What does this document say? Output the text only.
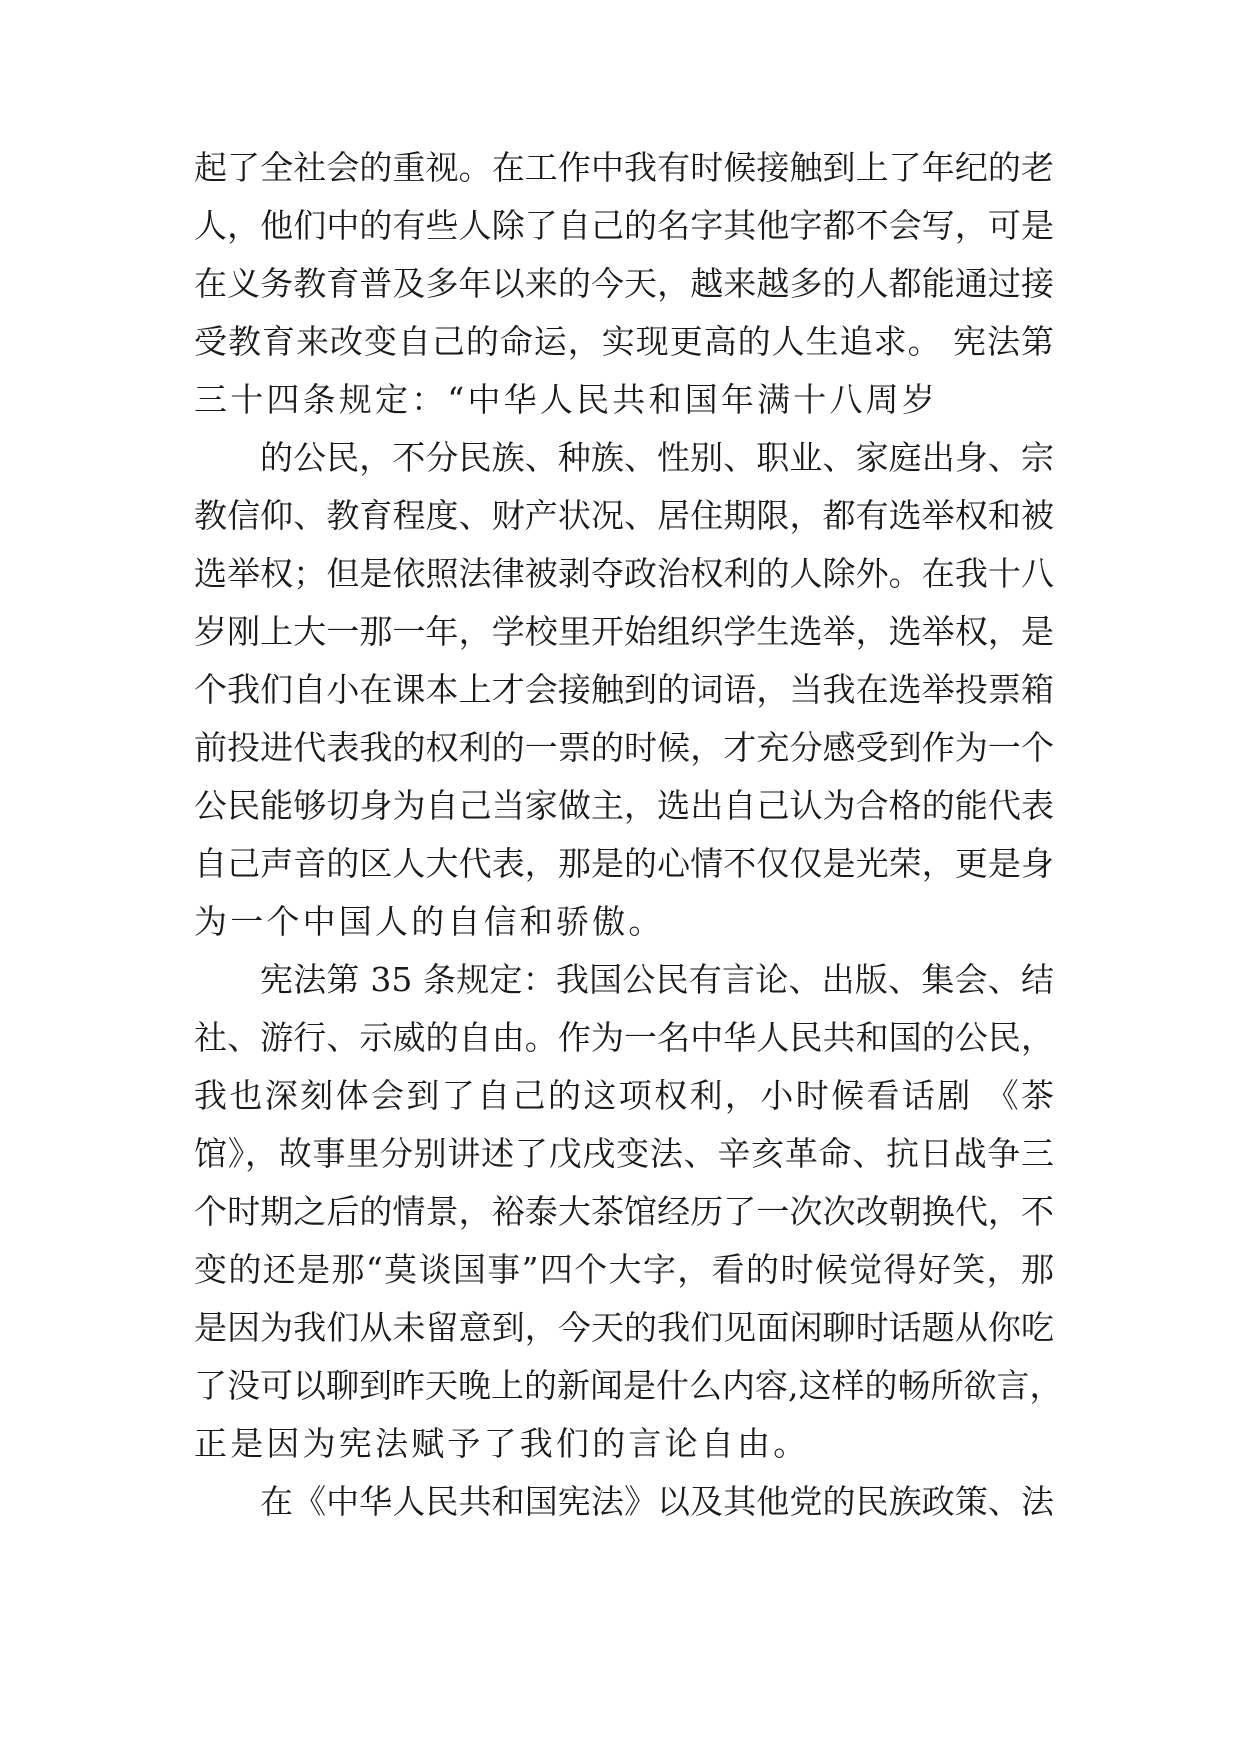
起了全社会的重视。在工作中我有时候接触到上了年纪的老
人，他们中的有些人除了自己的名字其他字都不会写，可是
在义务教育普及多年以来的今天，越来越多的人都能通过接
受教育来改变自己的命运，实现更高的人生追求。 宪法第
三十四条规定：“中华人民共和国年满十八周岁
的公民，不分民族、种族、性别、职业、家庭出身、宗
教信仰、教育程度、财产状况、居住期限，都有选举权和被
选举权；但是依照法律被剥夺政治权利的人除外。在我十八
岁刚上大一那一年，学校里开始组织学生选举，选举权，是
个我们自小在课本上才会接触到的词语，当我在选举投票箱
前投进代表我的权利的一票的时候，才充分感受到作为一个
公民能够切身为自己当家做主，选出自己认为合格的能代表
自己声音的区人大代表，那是的心情不仅仅是光荣，更是身
为一个中国人的自信和骄傲。
宪法第 35 条规定：我国公民有言论、出版、集会、结
社、游行、示威的自由。作为一名中华人民共和国的公民，
我也深刻体会到了自己的这项权利，小时候看话剧 《茶
馆》，故事里分别讲述了戊戌变法、辛亥革命、抗日战争三
个时期之后的情景，裕泰大茶馆经历了一次次改朝换代，不
变的还是那“莫谈国事”四个大字，看的时候觉得好笑，那
是因为我们从未留意到，今天的我们见面闲聊时话题从你吃
了没可以聊到昨天晚上的新闻是什么内容,这样的畅所欲言，
正是因为宪法赋予了我们的言论自由。
在《中华人民共和国宪法》以及其他党的民族政策、法
